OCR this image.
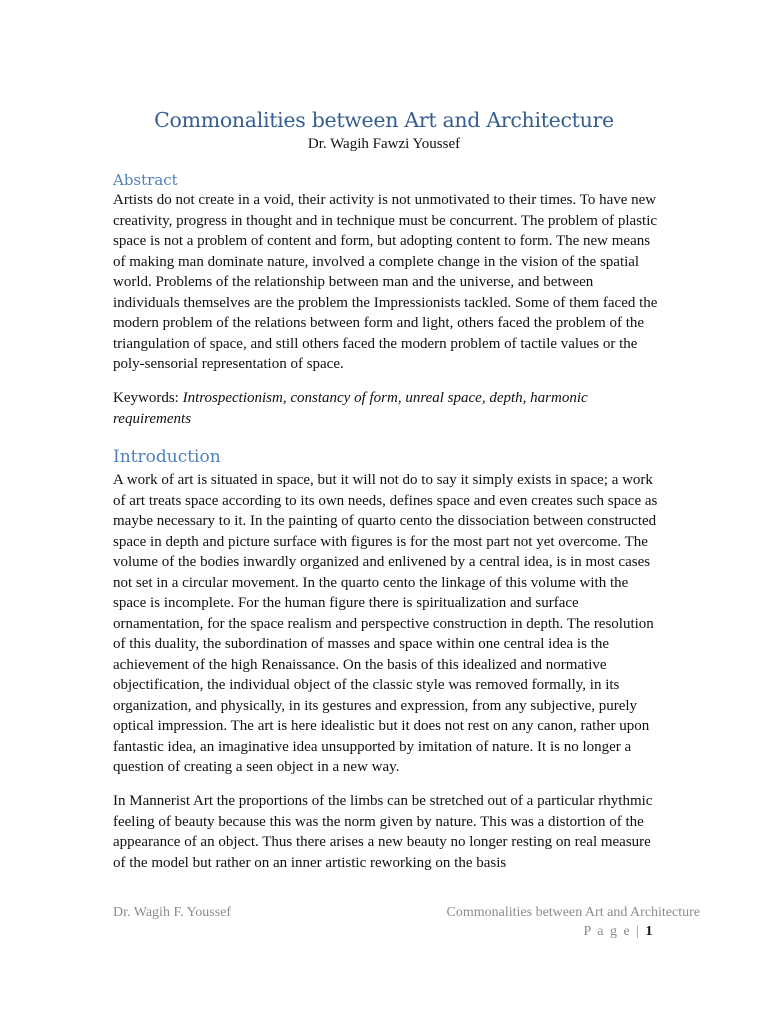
Commonalities between Art and Architecture
Dr. Wagih Fawzi Youssef
Abstract

Artists do not create in a void, their activity is not unmotivated to their times. To have new creativity, progress in thought and in technique must be concurrent. The problem of plastic space is not a problem of content and form, but adopting content to form. The new means of making man dominate nature, involved a complete change in the vision of the spatial world. Problems of the relationship between man and the universe, and between individuals themselves are the problem the Impressionists tackled. Some of them faced the modern problem of the relations between form and light, others faced the problem of the triangulation of space, and still others faced the modern problem of tactile values or the poly-sensorial representation of space.

Keywords: Introspectionism, constancy of form, unreal space, depth, harmonic requirements

Introduction

A work of art is situated in space, but it will not do to say it simply exists in space; a work of art treats space according to its own needs, defines space and even creates such space as maybe necessary to it. In the painting of quarto cento the dissociation between constructed space in depth and picture surface with figures is for the most part not yet overcome. The volume of the bodies inwardly organized and enlivened by a central idea, is in most cases not set in a circular movement. In the quarto cento the linkage of this volume with the space is incomplete. For the human figure there is spiritualization and surface ornamentation, for the space realism and perspective construction in depth. The resolution of this duality, the subordination of masses and space within one central idea is the achievement of the high Renaissance. On the basis of this idealized and normative objectification, the individual object of the classic style was removed formally, in its organization, and physically, in its gestures and expression, from any subjective, purely optical impression. The art is here idealistic but it does not rest on any canon, rather upon fantastic idea, an imaginative idea unsupported by imitation of nature. It is no longer a question of creating a seen object in a new way.

In Mannerist Art the proportions of the limbs can be stretched out of a particular rhythmic feeling of beauty because this was the norm given by nature. This was a distortion of the appearance of an object. Thus there arises a new beauty no longer resting on real measure of the model but rather on an inner artistic reworking on the basis

Dr. Wagih F. Youssef	Commonalities between Art and Architecture
P a g e | 1
